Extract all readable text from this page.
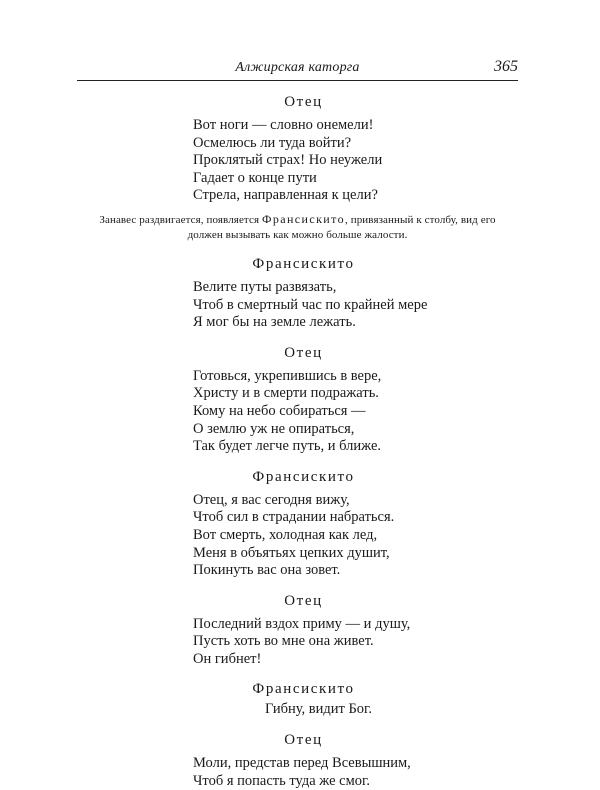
Алжирская каторга	365
Отец
Вот ноги — словно онемели!
Осмелюсь ли туда войти?
Проклятый страх! Но неужели
Гадает о конце пути
Стрела, направленная к цели?
Занавес раздвигается, появляется Франсискито, привязанный к столбу, вид его
должен вызывать как можно больше жалости.
Франсискито
Велите путы развязать,
Чтоб в смертный час по крайней мере
Я мог бы на земле лежать.
Отец
Готовься, укрепившись в вере,
Христу и в смерти подражать.
Кому на небо собираться —
О землю уж не опираться,
Так будет легче путь, и ближе.
Франсискито
Отец, я вас сегодня вижу,
Чтоб сил в страдании набраться.
Вот смерть, холодная как лед,
Меня в объятьях цепких душит,
Покинуть вас она зовет.
Отец
Последний вздох приму — и душу,
Пусть хоть во мне она живет.
Он гибнет!
Франсискито
Гибну, видит Бог.
Отец
Моли, представ перед Всевышним,
Чтоб я попасть туда же смог.
